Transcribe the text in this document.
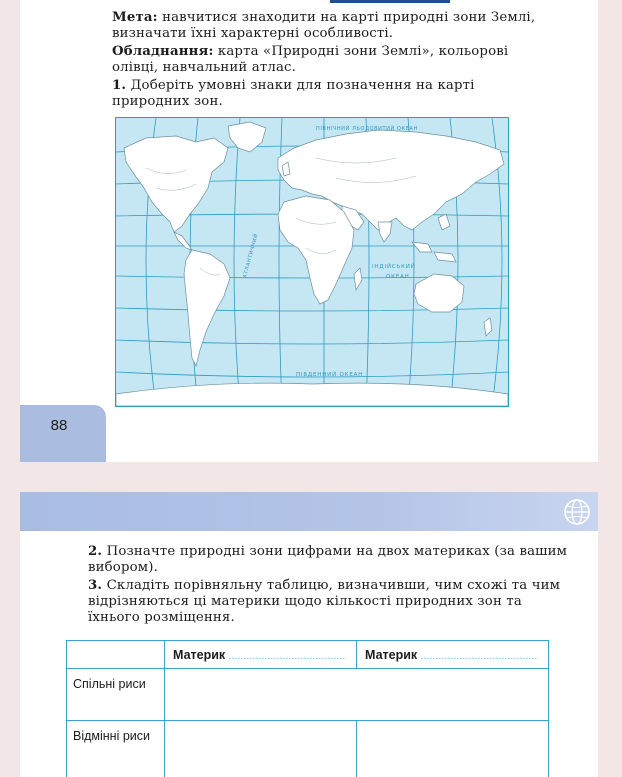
Мета: навчитися знаходити на карті природні зони Землі, визначати їхні характерні особливості.
Обладнання: карта «Природні зони Землі», кольорові олівці, навчальний атлас.
1. Доберіть умовні знаки для позначення на карті природних зон.
ПІВНІЧНИЙ ЛЬОДОВИТИЙ ОКЕАН
ІНДІЙСЬКИЙ
ОКЕАН
ПІВДЕННИЙ ОКЕАН
АТЛАНТИЧНИЙ
88
2. Позначте природні зони цифрами на двох материках (за вашим вибором).
3. Складіть порівняльну таблицю, визначивши, чим схожі та чим відрізняються ці материки щодо кількості природних зон та їхнього розміщення.

	Материк .......................................	Материк .......................................

Спільні риси		

Відмінні риси		
